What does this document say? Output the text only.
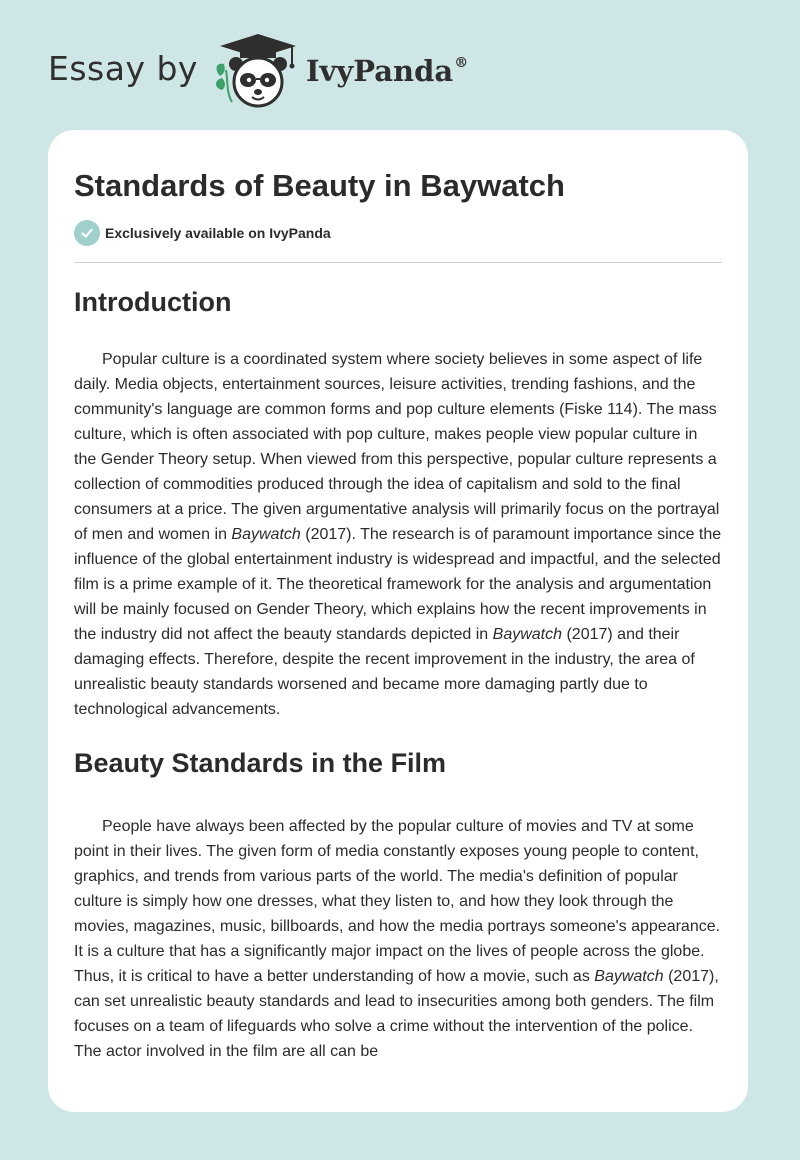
Essay by	IvyPanda®
Standards of Beauty in Baywatch
Exclusively available on IvyPanda
Introduction

Popular culture is a coordinated system where society believes in some aspect of life daily. Media objects, entertainment sources, leisure activities, trending fashions, and the community's language are common forms and pop culture elements (Fiske 114). The mass culture, which is often associated with pop culture, makes people view popular culture in the Gender Theory setup. When viewed from this perspective, popular culture represents a collection of commodities produced through the idea of capitalism and sold to the final consumers at a price. The given argumentative analysis will primarily focus on the portrayal of men and women in Baywatch (2017). The research is of paramount importance since the influence of the global entertainment industry is widespread and impactful, and the selected film is a prime example of it. The theoretical framework for the analysis and argumentation will be mainly focused on Gender Theory, which explains how the recent improvements in the industry did not affect the beauty standards depicted in Baywatch (2017) and their damaging effects. Therefore, despite the recent improvement in the industry, the area of unrealistic beauty standards worsened and became more damaging partly due to technological advancements.

Beauty Standards in the Film

People have always been affected by the popular culture of movies and TV at some point in their lives. The given form of media constantly exposes young people to content, graphics, and trends from various parts of the world. The media's definition of popular culture is simply how one dresses, what they listen to, and how they look through the movies, magazines, music, billboards, and how the media portrays someone's appearance. It is a culture that has a significantly major impact on the lives of people across the globe. Thus, it is critical to have a better understanding of how a movie, such as Baywatch (2017), can set unrealistic beauty standards and lead to insecurities among both genders. The film focuses on a team of lifeguards who solve a crime without the intervention of the police. The actor involved in the film are all can be
